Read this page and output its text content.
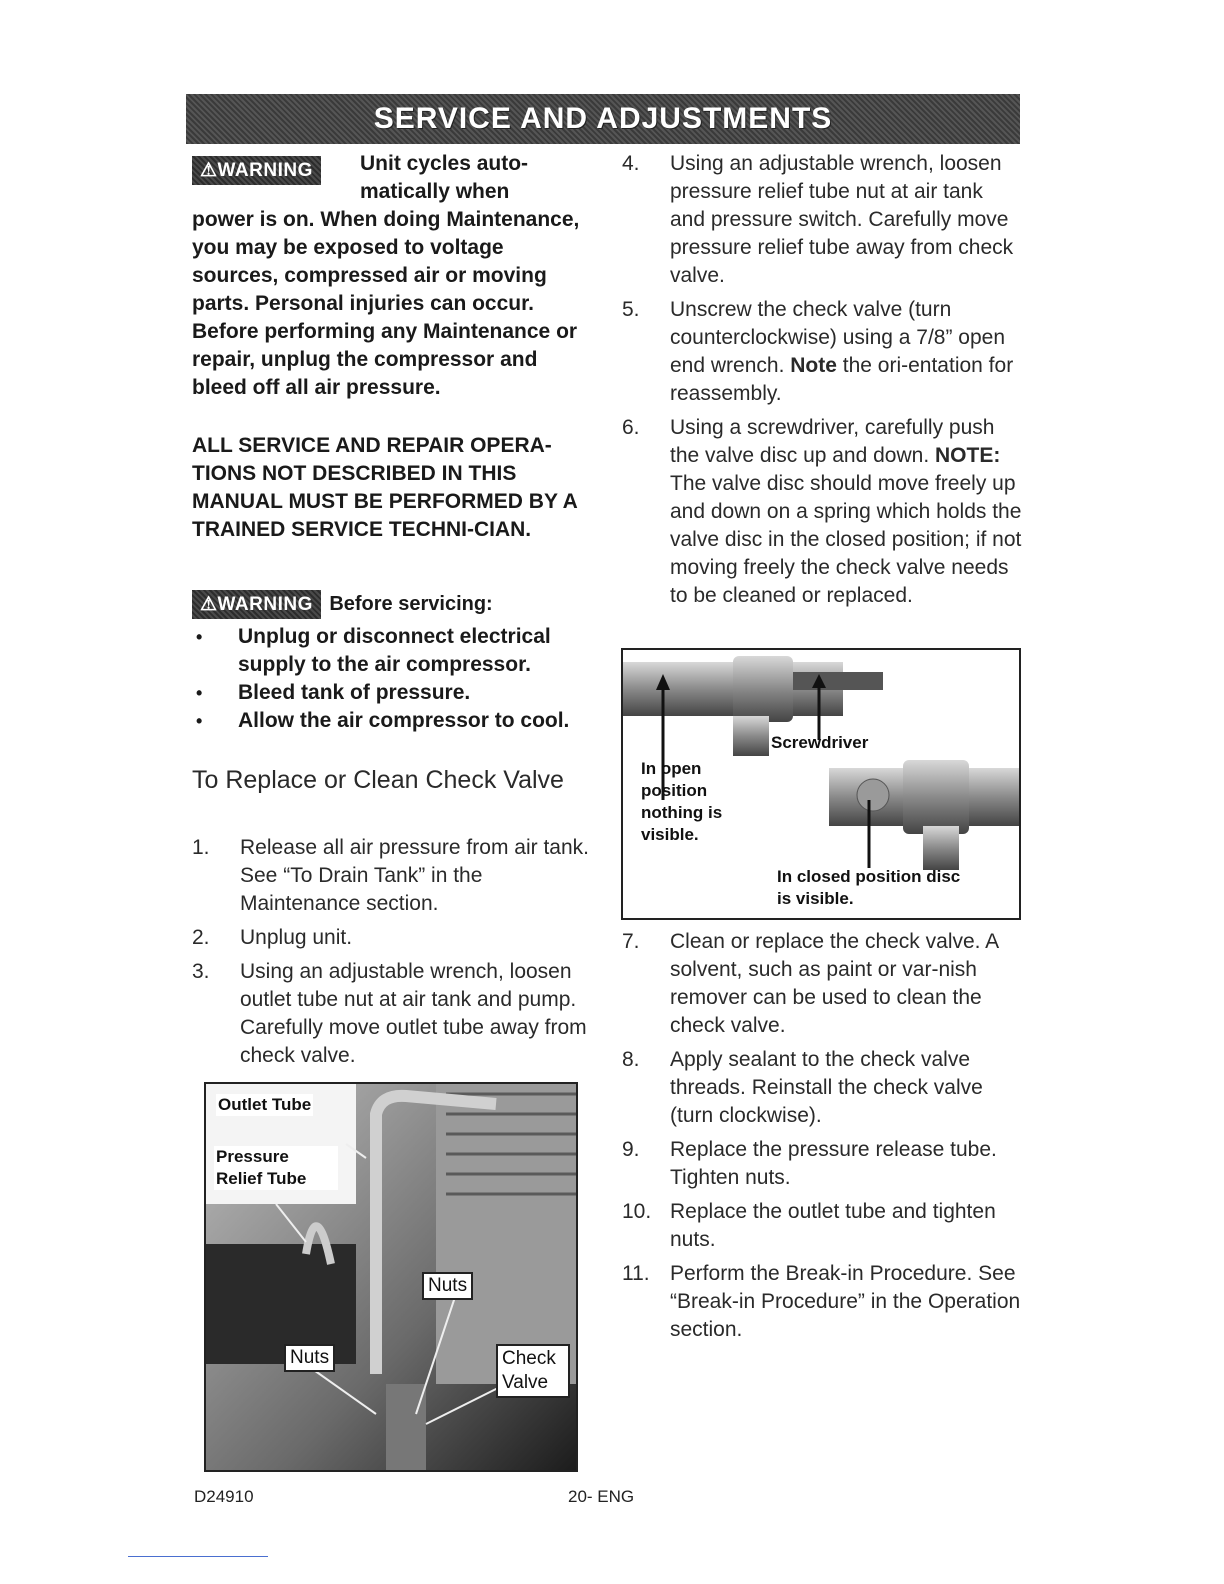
SERVICE AND ADJUSTMENTS
⚠WARNING	Unit cycles auto-matically when
power is on. When doing Maintenance, you may be exposed to voltage sources, compressed air or moving parts. Personal injuries can occur. Before performing any Maintenance or repair, unplug the compressor and bleed off all air pressure.
ALL SERVICE AND REPAIR OPERA-TIONS NOT DESCRIBED IN THIS MANUAL MUST BE PERFORMED BY A TRAINED SERVICE TECHNI-CIAN.
⚠WARNING Before servicing:
• Unplug or disconnect electrical supply to the air compressor.
• Bleed tank of pressure.
• Allow the air compressor to cool.
To Replace or Clean Check Valve
1. Release all air pressure from air tank. See “To Drain Tank” in the Maintenance section.
2. Unplug unit.
3. Using an adjustable wrench, loosen outlet tube nut at air tank and pump. Carefully move outlet tube away from check valve.
4. Using an adjustable wrench, loosen pressure relief tube nut at air tank and pressure switch. Carefully move pressure relief tube away from check valve.
5. Unscrew the check valve (turn counterclockwise) using a 7/8” open end wrench. Note the ori-entation for reassembly.
6. Using a screwdriver, carefully push the valve disc up and down. NOTE: The valve disc should move freely up and down on a spring which holds the valve disc in the closed position; if not moving freely the check valve needs to be cleaned or replaced.
Screwdriver
In open position nothing is visible.
In closed position disc is visible.
7. Clean or replace the check valve. A solvent, such as paint or var-nish remover can be used to clean the check valve.
8. Apply sealant to the check valve threads. Reinstall the check valve (turn clockwise).
9. Replace the pressure release tube. Tighten nuts.
10. Replace the outlet tube and tighten nuts.
11. Perform the Break-in Procedure. See “Break-in Procedure” in the Operation section.
Outlet Tube
Pressure Relief Tube
Nuts
Nuts	Check Valve
D24910	20- ENG
